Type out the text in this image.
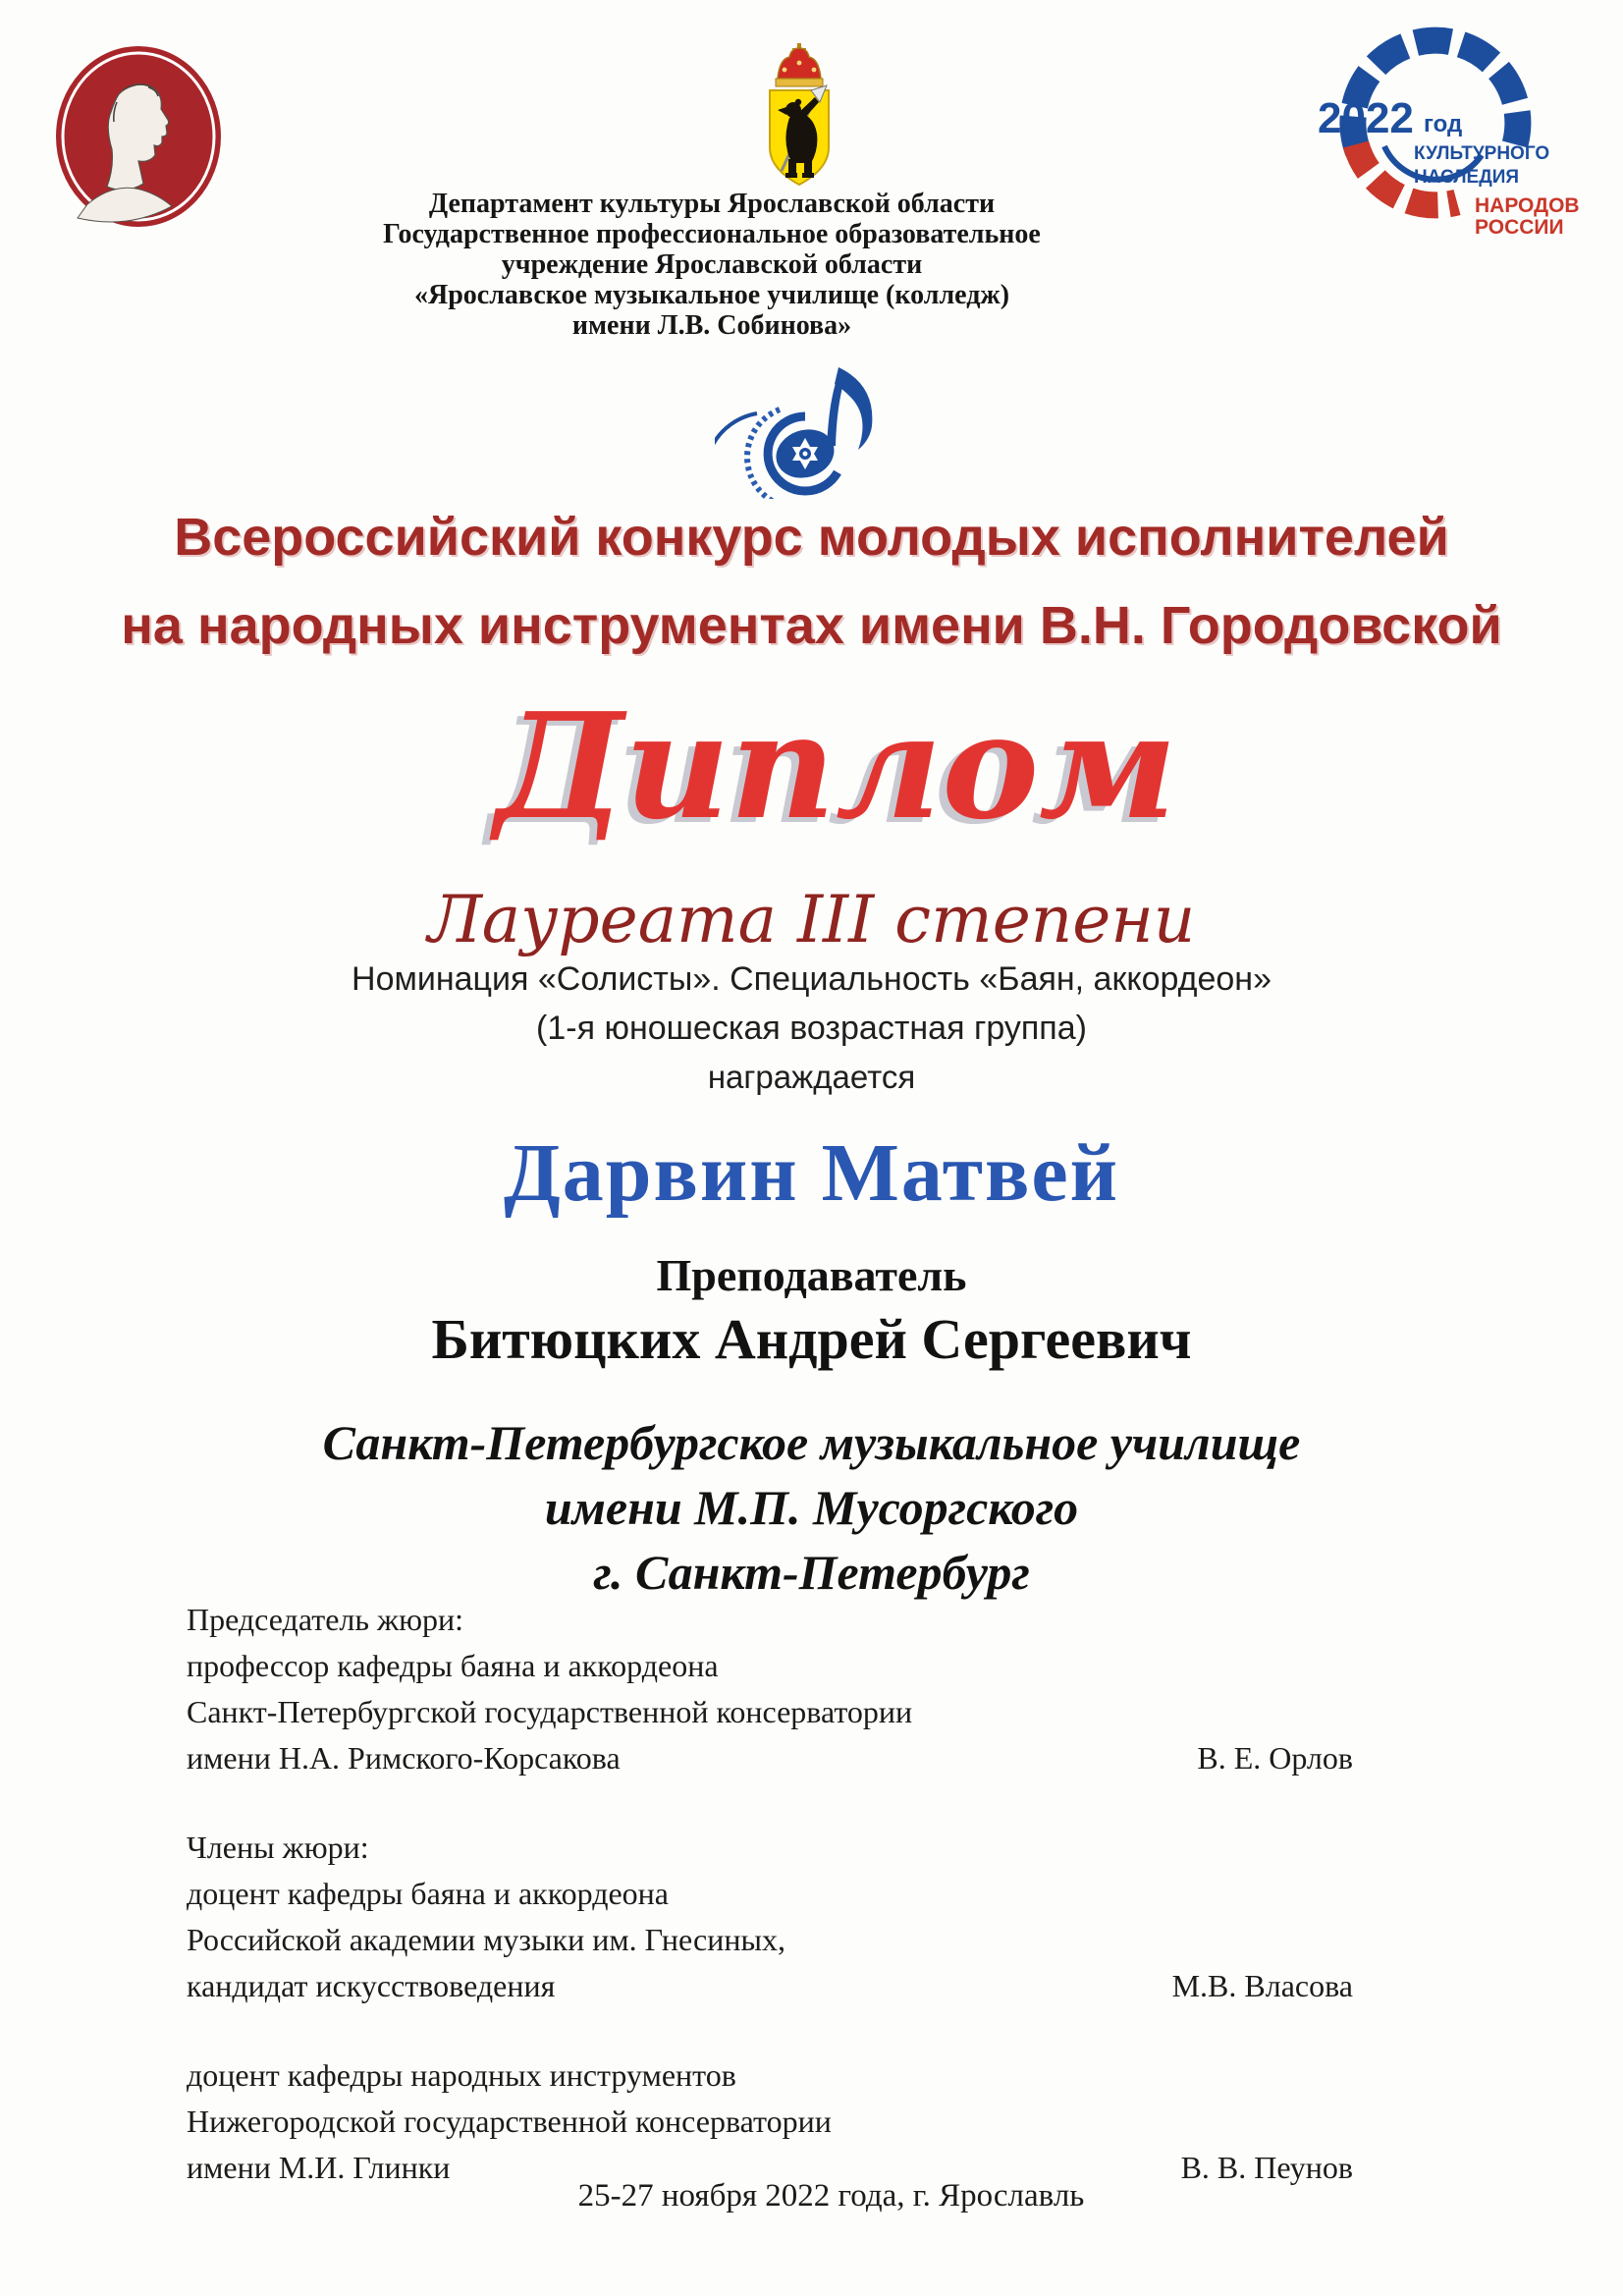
2022 год
КУЛЬТУРНОГО
НАСЛЕДИЯ
НАРОДОВ
РОССИИ
Департамент культуры Ярославской области
Государственное профессиональное образовательное
учреждение Ярославской области
«Ярославское музыкальное училище (колледж)
имени Л.В. Собинова»
Всероссийский конкурс молодых исполнителей
на народных инструментах имени В.Н. Городовской
Диплом
Лауреата III степени
Номинация «Солисты». Специальность «Баян, аккордеон»
(1-я юношеская возрастная группа)
награждается
Дарвин Матвей
Преподаватель
Битюцких Андрей Сергеевич
Санкт-Петербургское музыкальное училище
имени М.П. Мусоргского
г. Санкт-Петербург
Председатель жюри:
профессор кафедры баяна и аккордеона
Санкт-Петербургской государственной консерватории
имени Н.А. Римского-Корсакова	В. Е. Орлов
Члены жюри:
доцент кафедры баяна и аккордеона
Российской академии музыки им. Гнесиных,
кандидат искусствоведения	М.В. Власова
доцент кафедры народных инструментов
Нижегородской государственной консерватории
имени М.И. Глинки	В. В. Пеунов
25-27 ноября 2022 года, г. Ярославль
